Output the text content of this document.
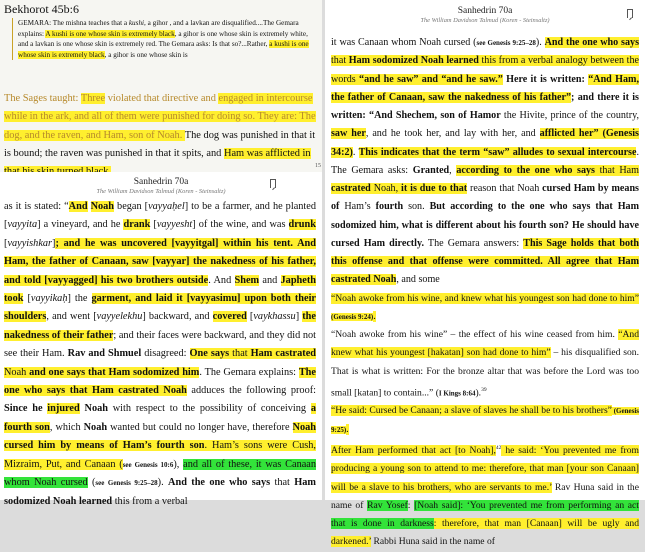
Bekhorot 45b:6
GEMARA: The mishna teaches that a kushi, a gihor , and a lavkan are disqualified....The Gemara explains: A kushi is one whose skin is extremely black, a gihor is one whose skin is extremely white, and a lavkan is one whose skin is extremely red. The Gemara asks: Is that so?...Rather, a kushi is one whose skin is extremely black, a gihor is one whose skin is
The Sages taught: Three violated that directive and engaged in intercourse while in the ark, and all of them were punished for doing so. They are: The dog, and the raven, and Ham, son of Noah. The dog was punished in that it is bound; the raven was punished in that it spits, and Ham was afflicted in
15
Sanhedrin 70a
The William Davidson Talmud (Koren - Steinsaltz)
as it is stated: “And Noah began [vayyaḥel] to be a farmer, and he planted [vayyita] a vineyard, and he drank [vayyesht] of the wine, and was drunk [vayyishkar]; and he was uncovered [vayyitgal] within his tent. And Ham, the father of Canaan, saw [vayyar] the nakedness of his father, and told [vayyagged] his two brothers outside. And Shem and Japheth took [vayyikaḥ] the garment, and laid it [vayyasimu] upon both their shoulders, and went [vayyelekhu] backward, and covered [vaykhassu] the nakedness of their father; and their faces were backward, and they did not see their Ham. Rav and Shmuel disagreed: One says that Ham castrated Noah and one says that Ham sodomized him. The Gemara explains: The one who says that Ham castrated Noah adduces the following proof: Since he injured Noah with respect to the possibility of conceiving a fourth son, which Noah wanted but could no longer have, therefore Noah cursed him by means of Ham’s fourth son. Ham’s sons were Cush, Mizraim, Put, and Canaan (see Genesis 10:6), and all of these, it was Canaan whom Noah cursed (see Genesis 9:25–28). And the one who says that Ham sodomized Noah learned this from a verbal
Sanhedrin 70a
The William Davidson Talmud (Koren - Steinsaltz)
it was Canaan whom Noah cursed (see Genesis 9:25–28). And the one who says that Ham sodomized Noah learned this from a verbal analogy between the words “and he saw” and “and he saw.” Here it is written: “And Ham, the father of Canaan, saw the nakedness of his father”; and there it is written: “And Shechem, son of Hamor the Hivite, prince of the country, saw her, and he took her, and lay with her, and afflicted her” (Genesis 34:2). This indicates that the term “saw” alludes to sexual intercourse. The Gemara asks: Granted, according to the one who says that Ham castrated Noah, it is due to that reason that Noah cursed Ham by means of Ham’s fourth son. But according to the one who says that Ham sodomized him, what is different about his fourth son? He should have cursed Ham directly. The Gemara answers: This Sage holds that both this offense and that offense were committed. All agree that Ham castrated Noah, and some
“Noah awoke from his wine, and knew what his youngest son had done to him” (Genesis 9:24).
“Noah awoke from his wine” – the effect of his wine ceased from him. “And knew what his youngest [hakatan] son had done to him” – his disqualified son. That is what is written: For the bronze altar that was before the Lord was too small [katan] to contain...” (I Kings 8:64).$^{39}$
“He said: Cursed be Canaan; a slave of slaves he shall be to his brothers” (Genesis 9:25).
After Ham performed that act [to Noah],$^{42}$ he said: ‘You prevented me from producing a young son to attend to me: therefore, that man [your son Canaan] will be a slave to his brothers, who are servants to me.’ Rav Huna said in the name of Rav Yosef: [Noah said]: ‘You prevented me from performing an act that is done in darkness: therefore, that man [Canaan] will be ugly and darkened.’ Rabbi Huna said in the name of
